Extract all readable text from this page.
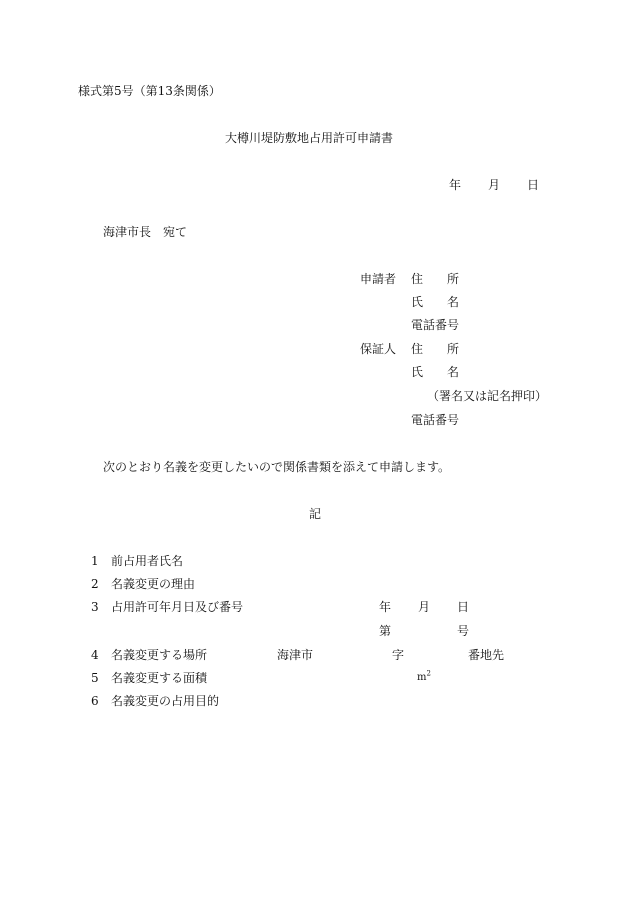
様式第5号（第13条関係）
大樽川堤防敷地占用許可申請書
年 月 日
海津市長　宛て
申請者 住　　所
氏　　名
電話番号
保証人 住　　所
氏　　名
（署名又は記名押印）
電話番号
次のとおり名義を変更したいので関係書類を添えて申請します。
記
1 前占用者氏名
2 名義変更の理由
3 占用許可年月日及び番号	年 月 日
第	号
4 名義変更する場所	海津市	字	番地先
5 名義変更する面積	$m^2$
6 名義変更の占用目的
